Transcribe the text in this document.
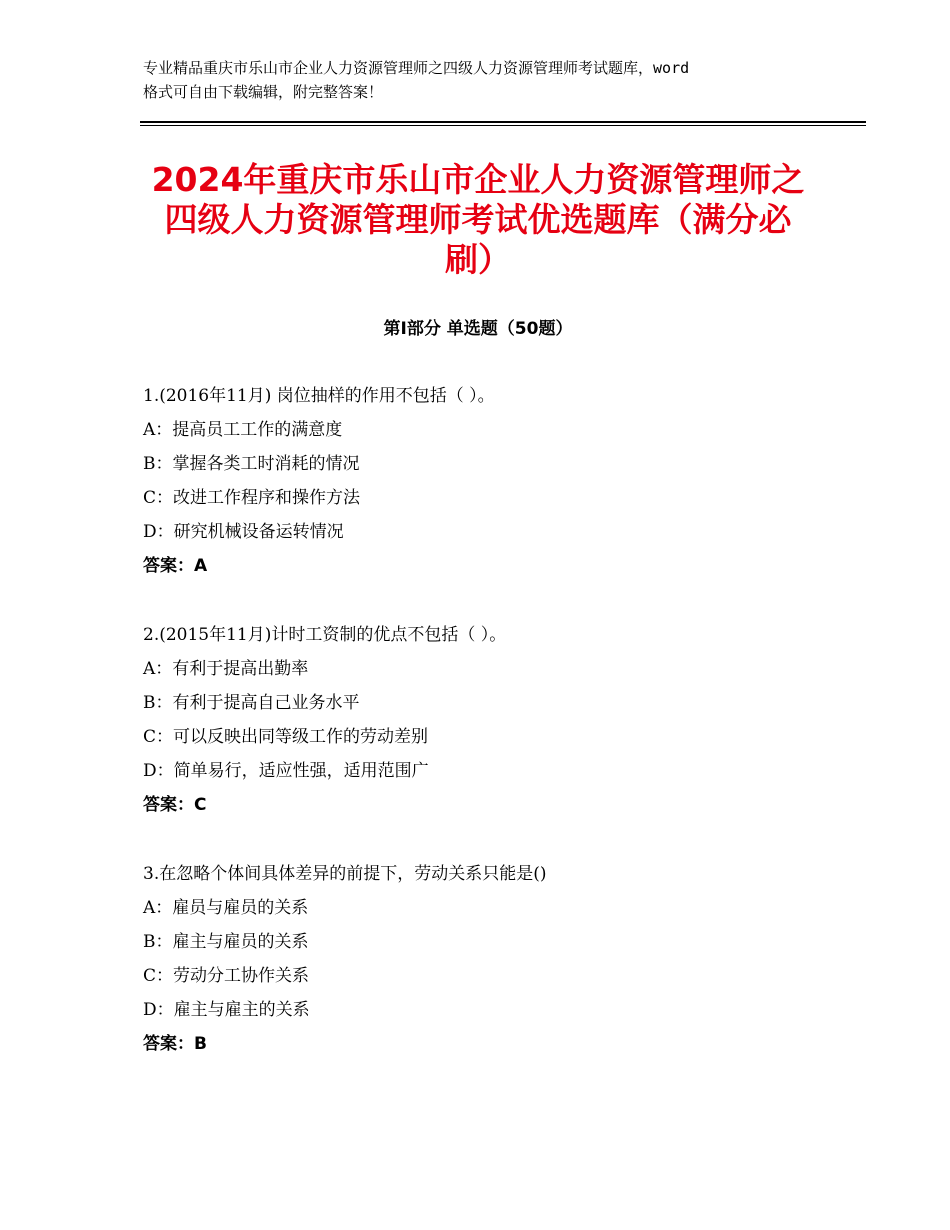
专业精品重庆市乐山市企业人力资源管理师之四级人力资源管理师考试题库，word
格式可自由下载编辑，附完整答案！
2024年重庆市乐山市企业人力资源管理师之
四级人力资源管理师考试优选题库（满分必
刷）
第Ⅰ部分 单选题（50题）
1.(2016年11月) 岗位抽样的作用不包括（ ）。
A：提高员工工作的满意度
B：掌握各类工时消耗的情况
C：改进工作程序和操作方法
D：研究机械设备运转情况
答案：A
2.(2015年11月)计时工资制的优点不包括（ ）。
A：有利于提高出勤率
B：有利于提高自己业务水平
C：可以反映出同等级工作的劳动差别
D：简单易行，适应性强，适用范围广
答案：C
3.在忽略个体间具体差异的前提下，劳动关系只能是()
A：雇员与雇员的关系
B：雇主与雇员的关系
C：劳动分工协作关系
D：雇主与雇主的关系
答案：B
